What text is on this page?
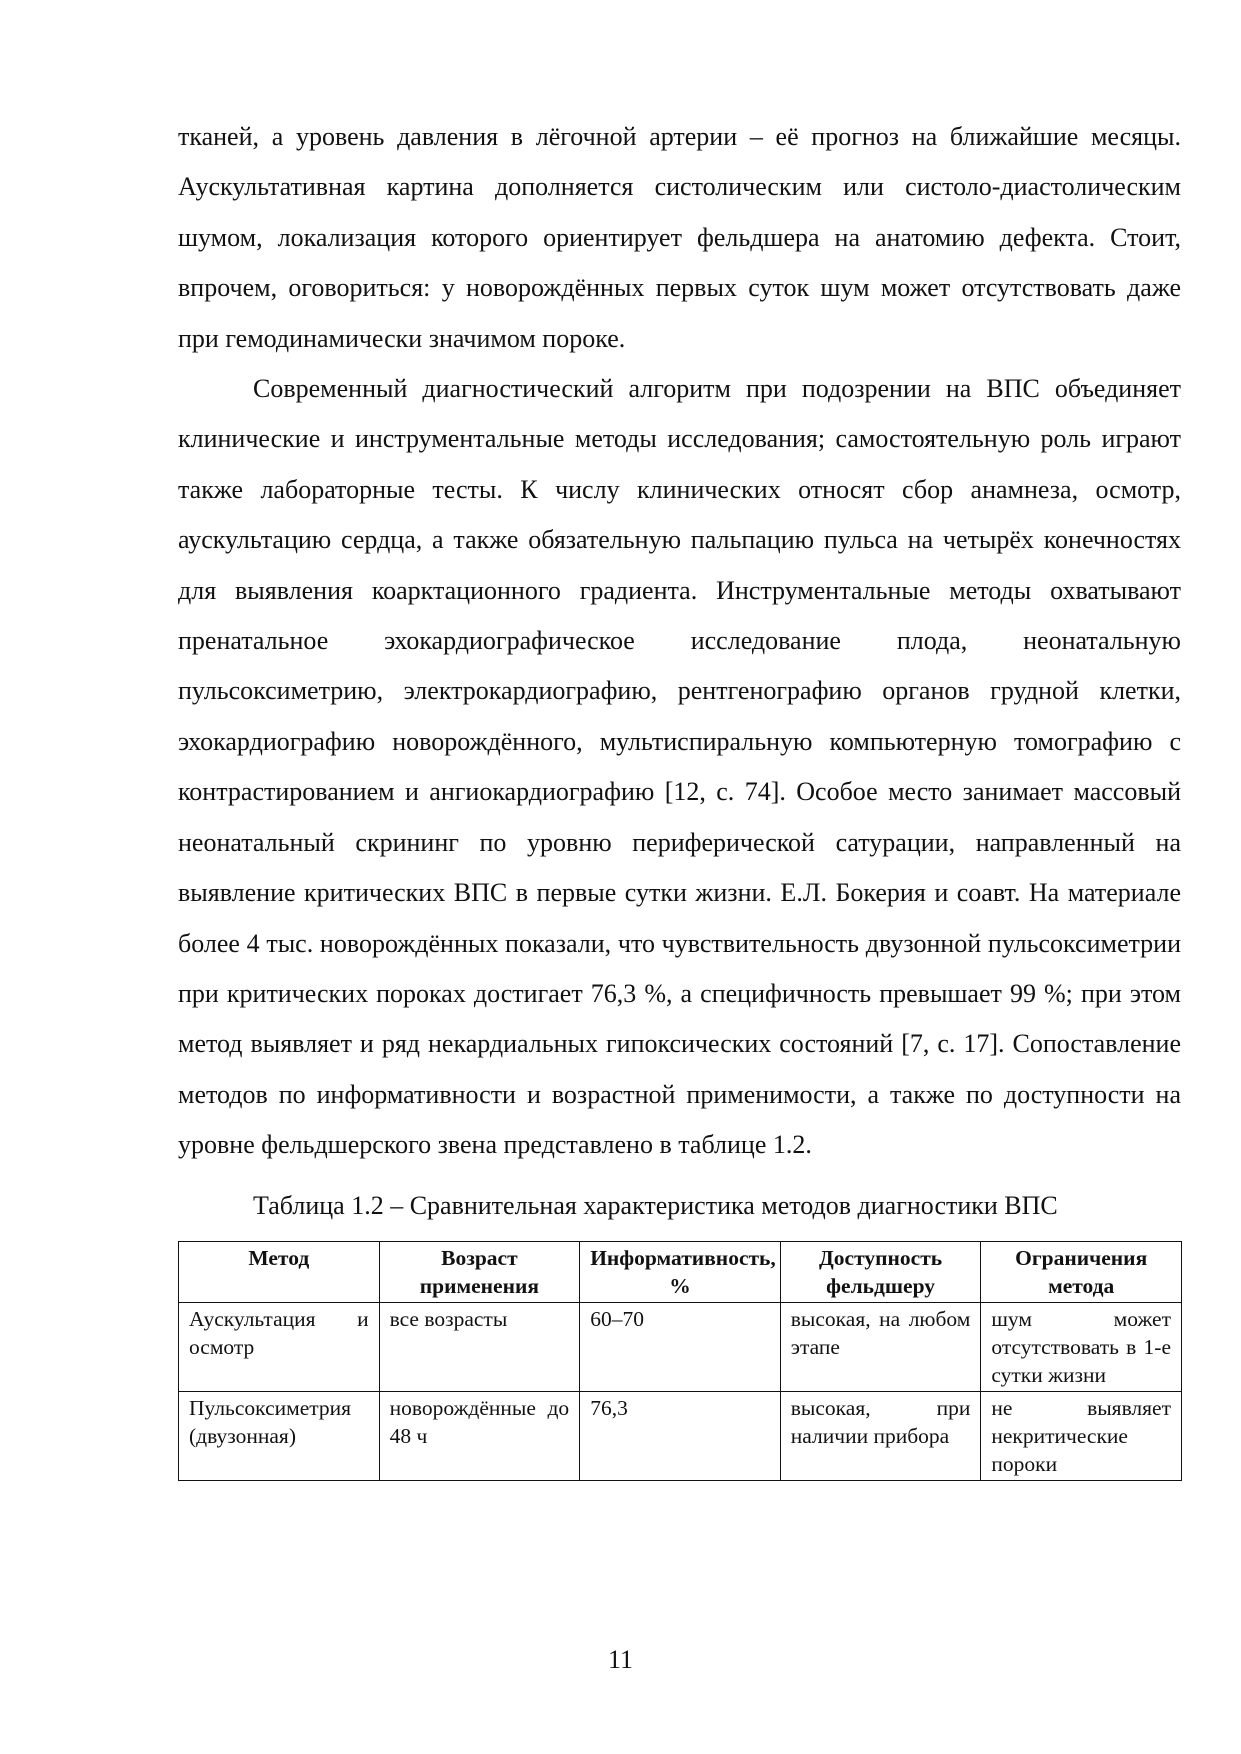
тканей, а уровень давления в лёгочной артерии – её прогноз на ближайшие месяцы. Аускультативная картина дополняется систолическим или систоло-диастолическим шумом, локализация которого ориентирует фельдшера на анатомию дефекта. Стоит, впрочем, оговориться: у новорождённых первых суток шум может отсутствовать даже при гемодинамически значимом пороке.

Современный диагностический алгоритм при подозрении на ВПС объединяет клинические и инструментальные методы исследования; самостоятельную роль играют также лабораторные тесты. К числу клинических относят сбор анамнеза, осмотр, аускультацию сердца, а также обязательную пальпацию пульса на четырёх конечностях для выявления коарктационного градиента. Инструментальные методы охватывают пренатальное эхокардиографическое исследование плода, неонатальную пульсоксиметрию, электрокардиографию, рентгенографию органов грудной клетки, эхокардиографию новорождённого, мультиспиральную компьютерную томографию с контрастированием и ангиокардиографию [12, с. 74]. Особое место занимает массовый неонатальный скрининг по уровню периферической сатурации, направленный на выявление критических ВПС в первые сутки жизни. Е.Л. Бокерия и соавт. На материале более 4 тыс. новорождённых показали, что чувствительность двузонной пульсоксиметрии при критических пороках достигает 76,3 %, а специфичность превышает 99 %; при этом метод выявляет и ряд некардиальных гипоксических состояний [7, с. 17]. Сопоставление методов по информативности и возрастной применимости, а также по доступности на уровне фельдшерского звена представлено в таблице 1.2.

Таблица 1.2 – Сравнительная характеристика методов диагностики ВПС

Метод	Возраст применения	Информативность, %	Доступность фельдшеру	Ограничения метода
Аускультация и осмотр	все возрасты	60–70	высокая, на любом этапе	шум может отсутствовать в 1-е сутки жизни
Пульсоксиметрия (двузонная)	новорождённые до 48 ч	76,3	высокая, при наличии прибора	не выявляет некритические пороки
11
